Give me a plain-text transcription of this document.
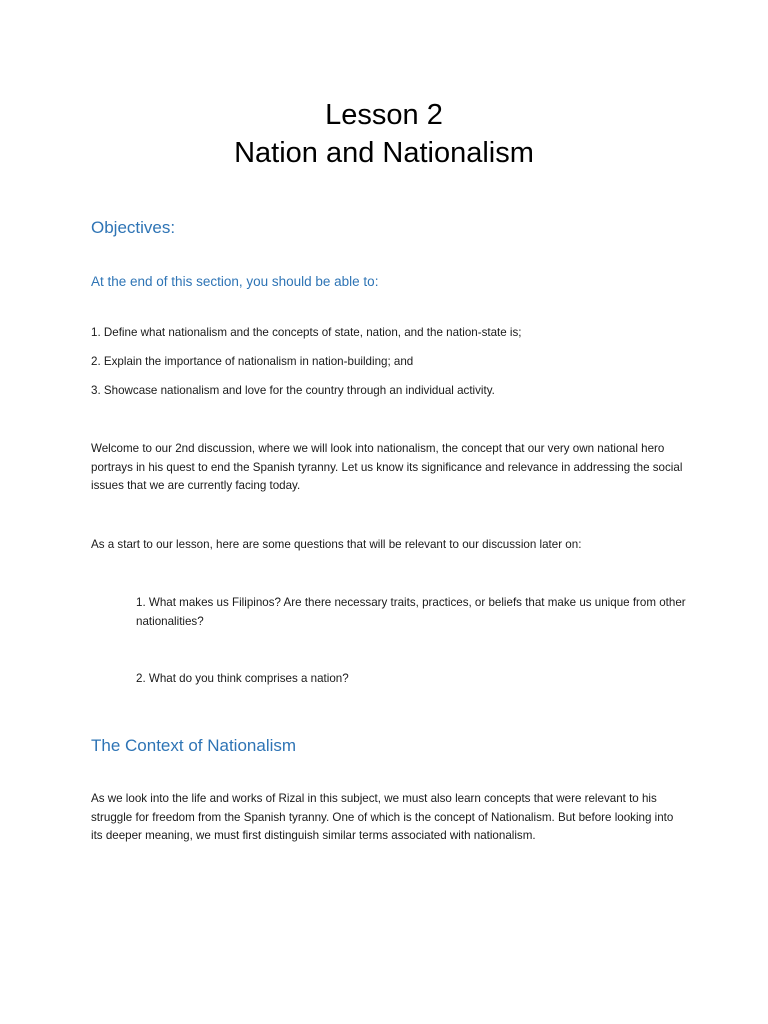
Lesson 2
Nation and Nationalism
Objectives:
At the end of this section, you should be able to:
1. Define what nationalism and the concepts of state, nation, and the nation-state is;
2. Explain the importance of nationalism in nation-building; and
3. Showcase nationalism and love for the country through an individual activity.

Welcome to our 2nd discussion, where we will look into nationalism, the concept that our very own national hero portrays in his quest to end the Spanish tyranny. Let us know its significance and relevance in addressing the social issues that we are currently facing today.

As a start to our lesson, here are some questions that will be relevant to our discussion later on:

1. What makes us Filipinos? Are there necessary traits, practices, or beliefs that make us unique from other nationalities?
2. What do you think comprises a nation?
The Context of Nationalism

As we look into the life and works of Rizal in this subject, we must also learn concepts that were relevant to his struggle for freedom from the Spanish tyranny. One of which is the concept of Nationalism. But before looking into its deeper meaning, we must first distinguish similar terms associated with nationalism.
